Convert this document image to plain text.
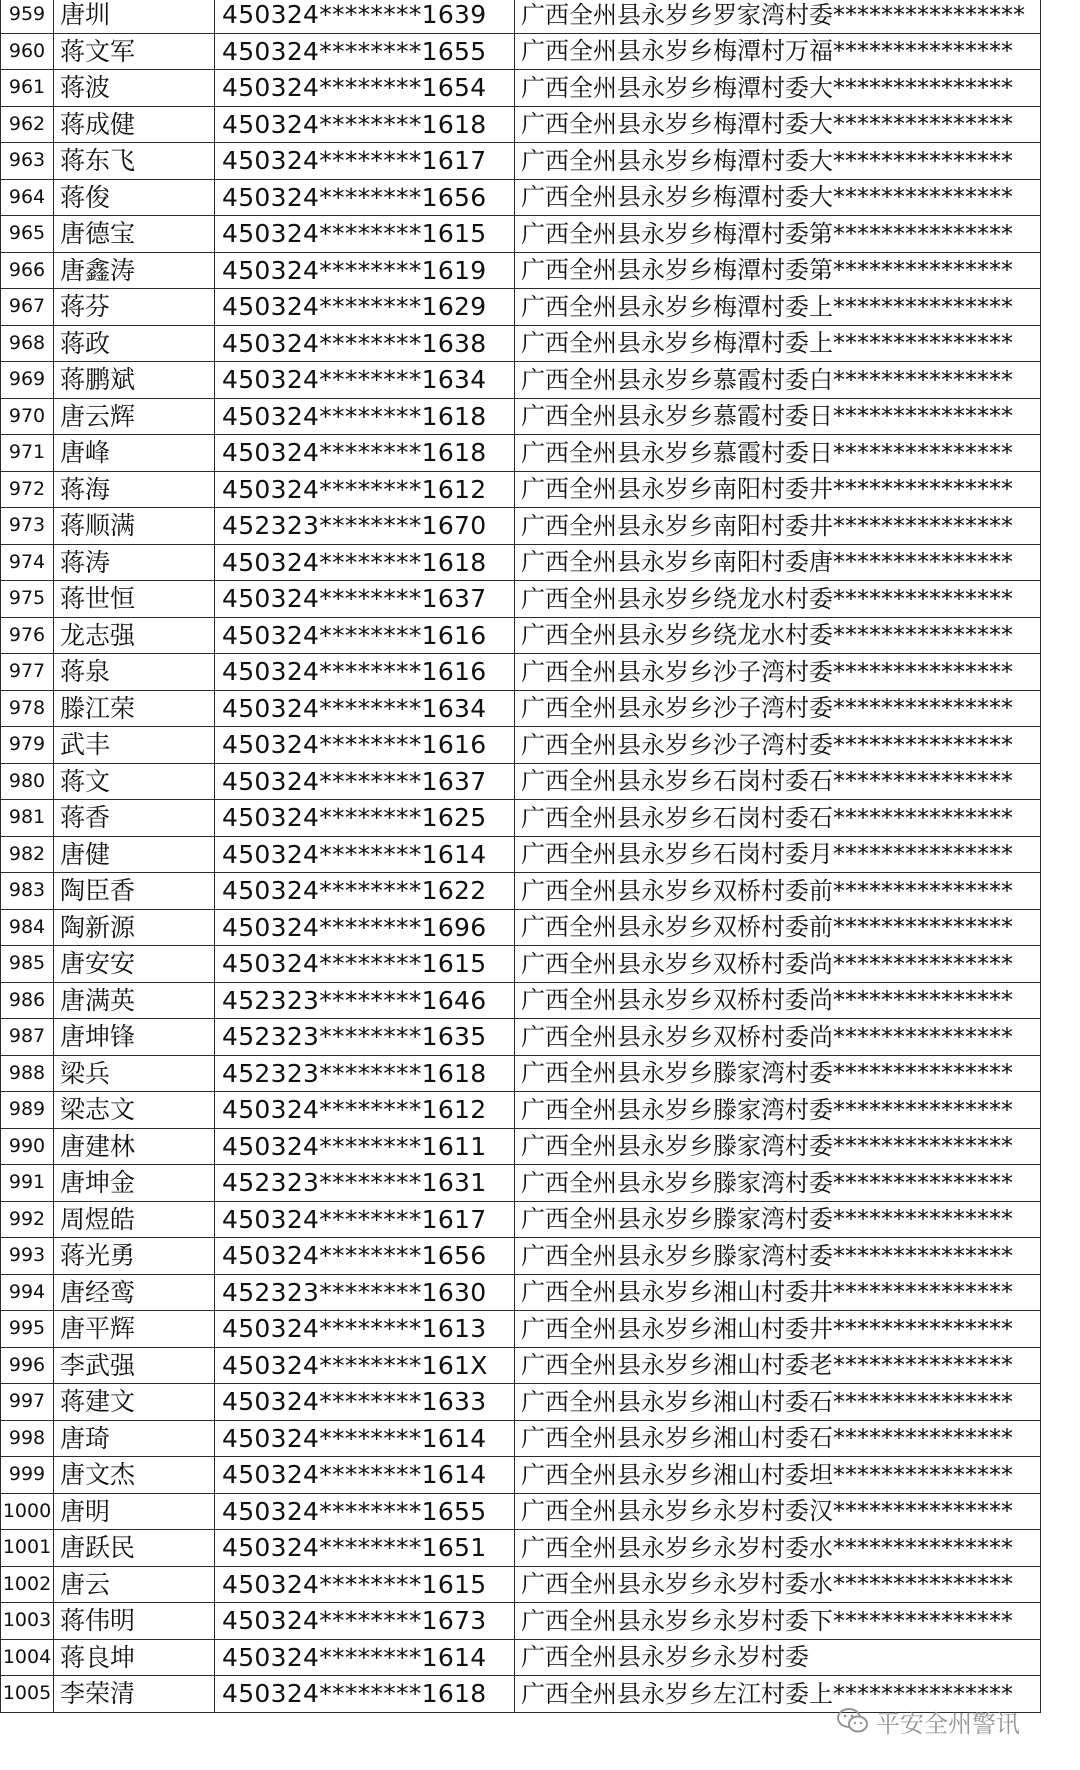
959	唐圳	450324********1639	广西全州县永岁乡罗家湾村委****************
960	蒋文军	450324********1655	广西全州县永岁乡梅潭村万福***************
961	蒋波	450324********1654	广西全州县永岁乡梅潭村委大***************
962	蒋成健	450324********1618	广西全州县永岁乡梅潭村委大***************
963	蒋东飞	450324********1617	广西全州县永岁乡梅潭村委大***************
964	蒋俊	450324********1656	广西全州县永岁乡梅潭村委大***************
965	唐德宝	450324********1615	广西全州县永岁乡梅潭村委第***************
966	唐鑫涛	450324********1619	广西全州县永岁乡梅潭村委第***************
967	蒋芬	450324********1629	广西全州县永岁乡梅潭村委上***************
968	蒋政	450324********1638	广西全州县永岁乡梅潭村委上***************
969	蒋鹏斌	450324********1634	广西全州县永岁乡慕霞村委白***************
970	唐云辉	450324********1618	广西全州县永岁乡慕霞村委日***************
971	唐峰	450324********1618	广西全州县永岁乡慕霞村委日***************
972	蒋海	450324********1612	广西全州县永岁乡南阳村委井***************
973	蒋顺满	452323********1670	广西全州县永岁乡南阳村委井***************
974	蒋涛	450324********1618	广西全州县永岁乡南阳村委唐***************
975	蒋世恒	450324********1637	广西全州县永岁乡绕龙水村委***************
976	龙志强	450324********1616	广西全州县永岁乡绕龙水村委***************
977	蒋泉	450324********1616	广西全州县永岁乡沙子湾村委***************
978	滕江荣	450324********1634	广西全州县永岁乡沙子湾村委***************
979	武丰	450324********1616	广西全州县永岁乡沙子湾村委***************
980	蒋文	450324********1637	广西全州县永岁乡石岗村委石***************
981	蒋香	450324********1625	广西全州县永岁乡石岗村委石***************
982	唐健	450324********1614	广西全州县永岁乡石岗村委月***************
983	陶臣香	450324********1622	广西全州县永岁乡双桥村委前***************
984	陶新源	450324********1696	广西全州县永岁乡双桥村委前***************
985	唐安安	450324********1615	广西全州县永岁乡双桥村委尚***************
986	唐满英	452323********1646	广西全州县永岁乡双桥村委尚***************
987	唐坤锋	452323********1635	广西全州县永岁乡双桥村委尚***************
988	梁兵	452323********1618	广西全州县永岁乡滕家湾村委***************
989	梁志文	450324********1612	广西全州县永岁乡滕家湾村委***************
990	唐建林	450324********1611	广西全州县永岁乡滕家湾村委***************
991	唐坤金	452323********1631	广西全州县永岁乡滕家湾村委***************
992	周煜皓	450324********1617	广西全州县永岁乡滕家湾村委***************
993	蒋光勇	450324********1656	广西全州县永岁乡滕家湾村委***************
994	唐经鸾	452323********1630	广西全州县永岁乡湘山村委井***************
995	唐平辉	450324********1613	广西全州县永岁乡湘山村委井***************
996	李武强	450324********161X	广西全州县永岁乡湘山村委老***************
997	蒋建文	450324********1633	广西全州县永岁乡湘山村委石***************
998	唐琦	450324********1614	广西全州县永岁乡湘山村委石***************
999	唐文杰	450324********1614	广西全州县永岁乡湘山村委坦***************
1000	唐明	450324********1655	广西全州县永岁乡永岁村委汉***************
1001	唐跃民	450324********1651	广西全州县永岁乡永岁村委水***************
1002	唐云	450324********1615	广西全州县永岁乡永岁村委水***************
1003	蒋伟明	450324********1673	广西全州县永岁乡永岁村委下***************
1004	蒋良坤	450324********1614	广西全州县永岁乡永岁村委
1005	李荣清	450324********1618	广西全州县永岁乡左江村委上***************
平安全州警讯
